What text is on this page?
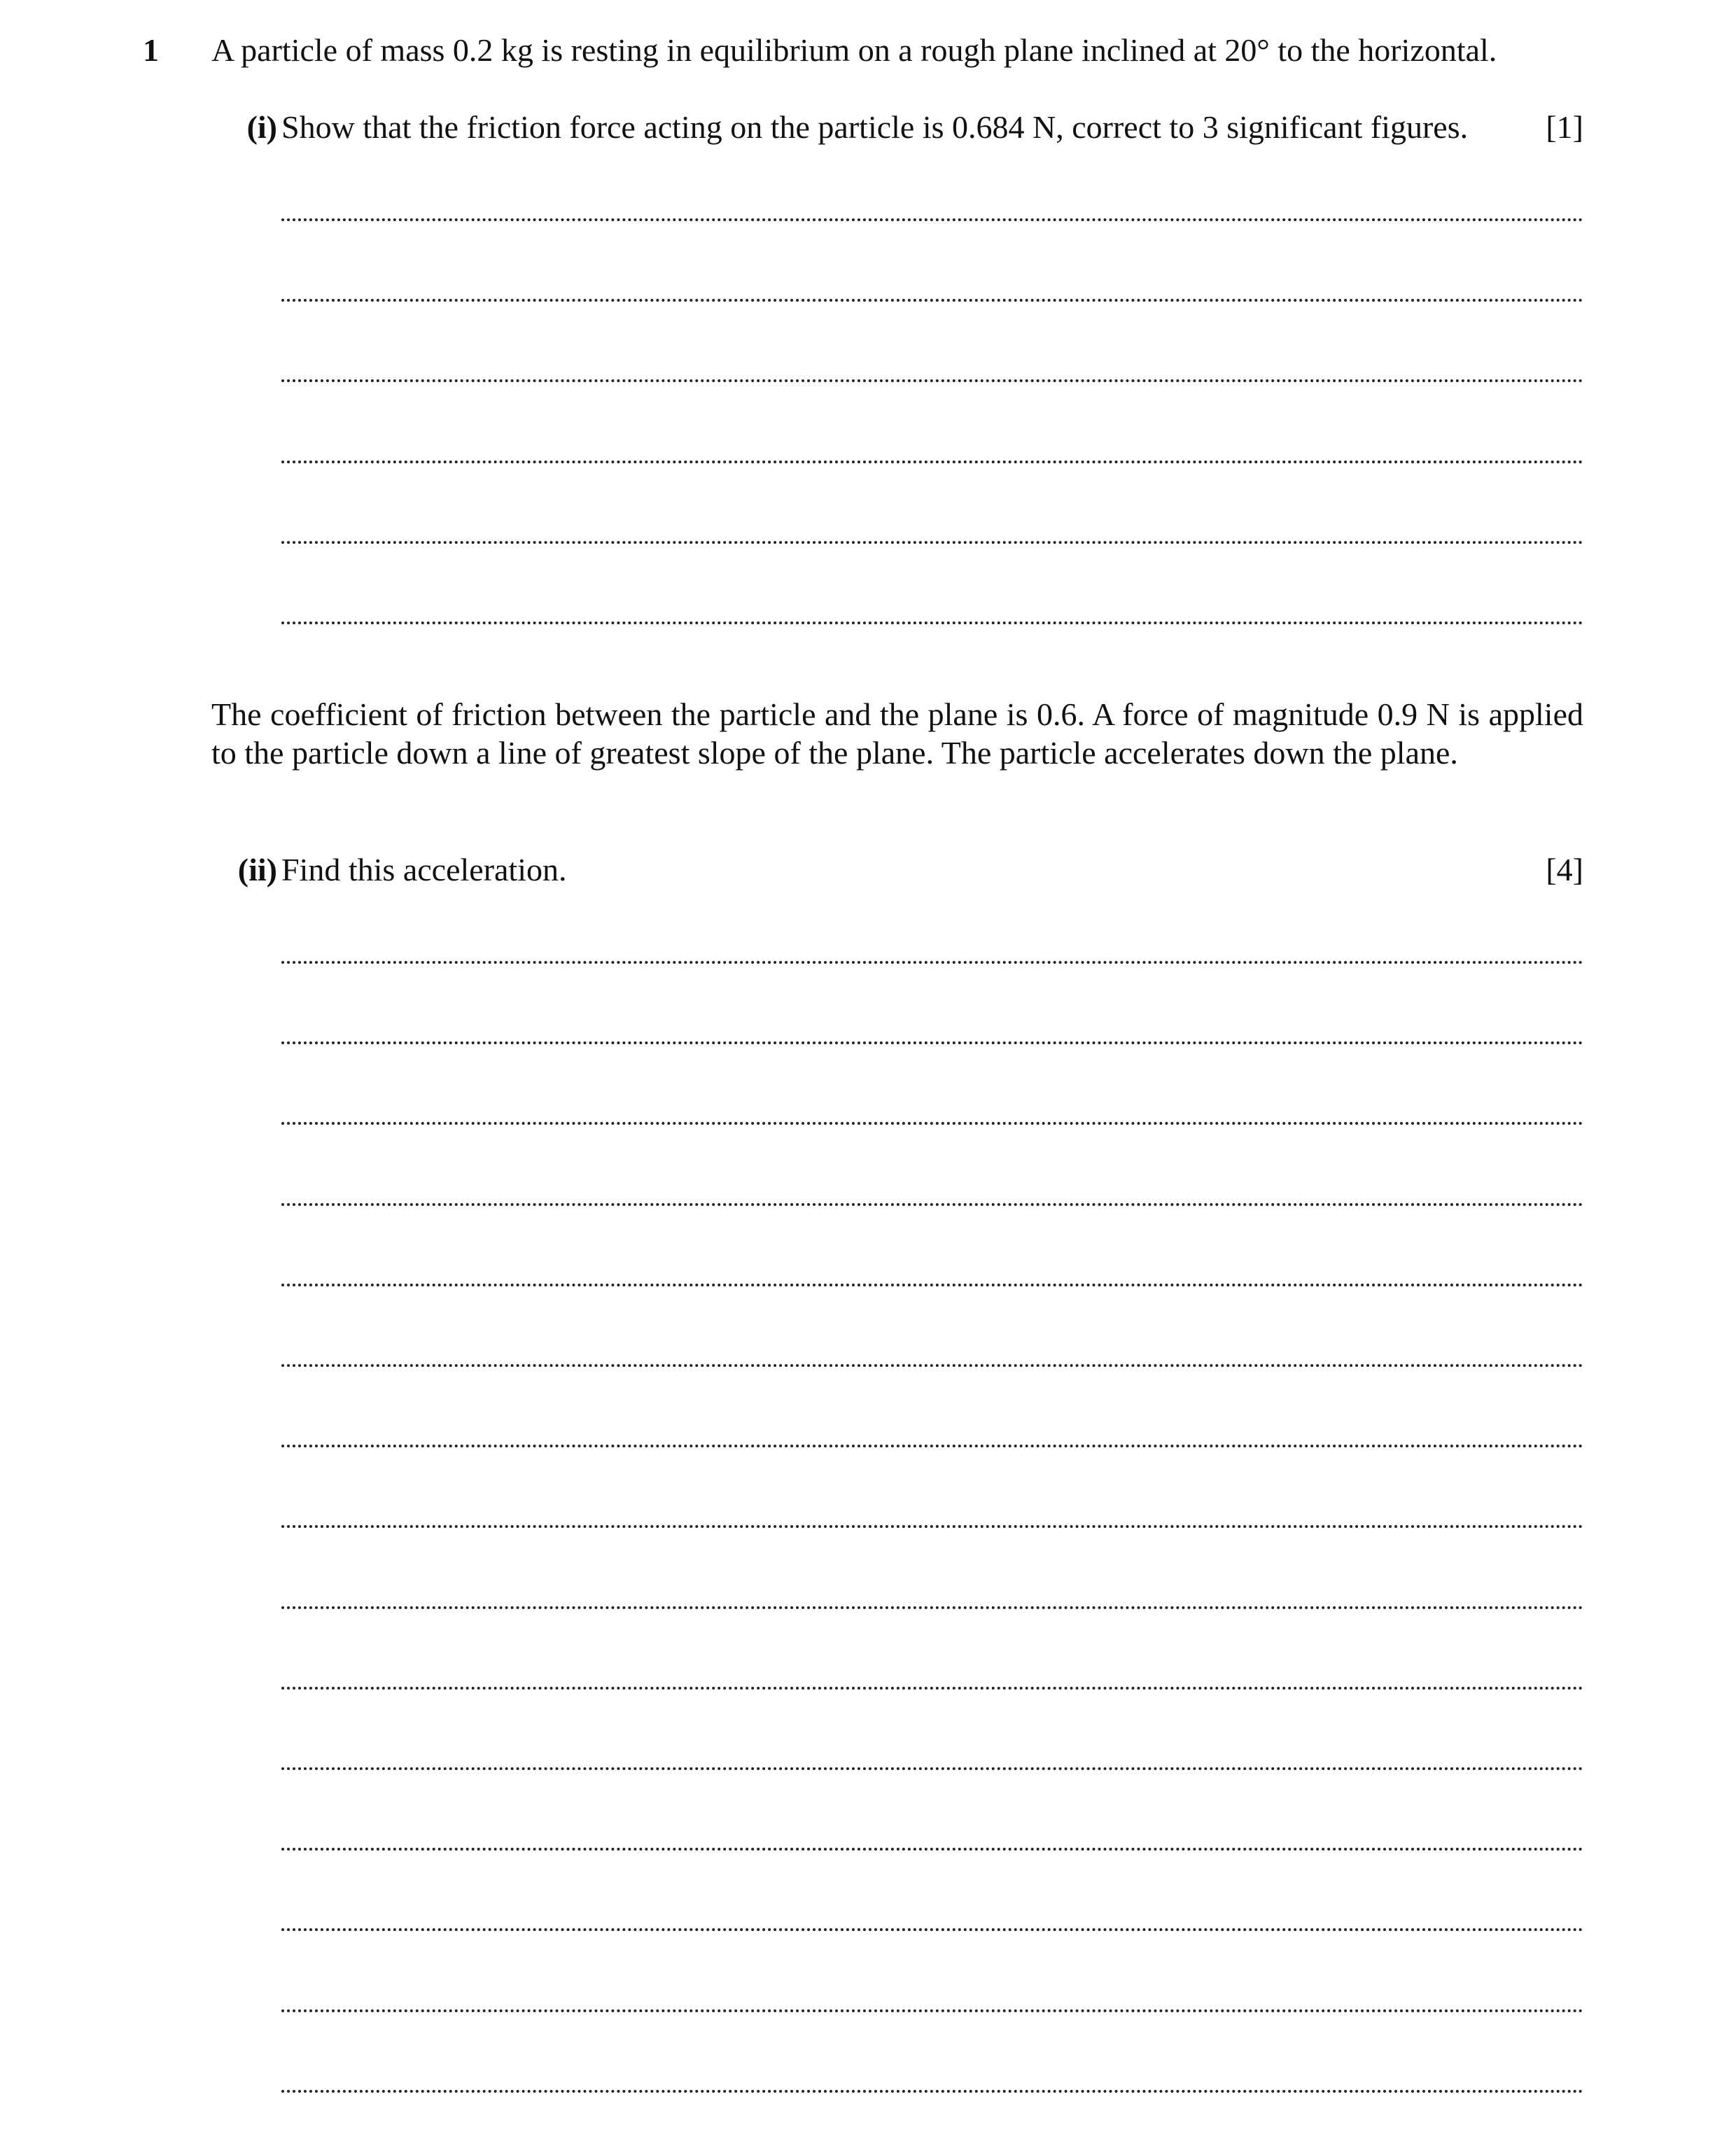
1 A particle of mass 0.2 kg is resting in equilibrium on a rough plane inclined at 20° to the horizontal.
(i) Show that the friction force acting on the particle is 0.684 N, correct to 3 significant figures. [1]
The coefficient of friction between the particle and the plane is 0.6. A force of magnitude 0.9 N is applied to the particle down a line of greatest slope of the plane. The particle accelerates down the plane.
(ii) Find this acceleration.	[4]
